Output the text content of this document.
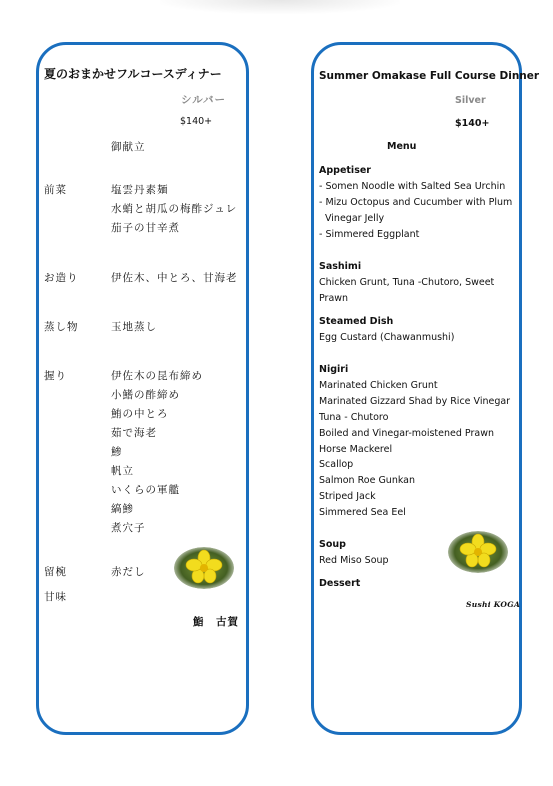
夏のおまかせフルコースディナー
シルバー
$140+
御献立
前菜	塩雲丹素麺
水蛸と胡瓜の梅酢ジュレ
茄子の甘辛煮
お造り	伊佐木、中とろ、甘海老
蒸し物	玉地蒸し
握り	伊佐木の昆布締め
小鰭の酢締め
鮪の中とろ
茹で海老
鯵
帆立
いくらの軍艦
縞鯵
煮穴子
留椀	赤だし
甘味
鮨　古賀
Summer Omakase Full Course Dinner
Silver
$140+
Menu
Appetiser
- Somen Noodle with Salted Sea Urchin
- Mizu Octopus and Cucumber with Plum
Vinegar Jelly
- Simmered Eggplant
Sashimi
Chicken Grunt, Tuna -Chutoro, Sweet
Prawn
Steamed Dish
Egg Custard (Chawanmushi)
Nigiri
Marinated Chicken Grunt
Marinated Gizzard Shad by Rice Vinegar
Tuna - Chutoro
Boiled and Vinegar-moistened Prawn
Horse Mackerel
Scallop
Salmon Roe Gunkan
Striped Jack
Simmered Sea Eel
Soup
Red Miso Soup
Dessert
Sushi KOGA
